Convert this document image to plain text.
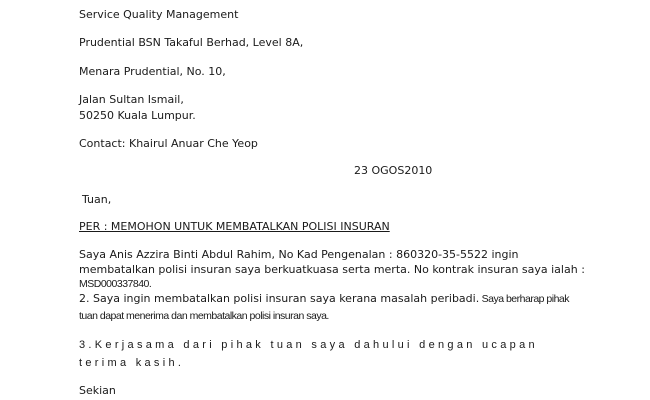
Service Quality Management
Prudential BSN Takaful Berhad, Level 8A,
Menara Prudential, No. 10,
Jalan Sultan Ismail,
50250 Kuala Lumpur.
Contact: Khairul Anuar Che Yeop
23 OGOS2010
Tuan,
PER : MEMOHON UNTUK MEMBATALKAN POLISI INSURAN
Saya Anis Azzira Binti Abdul Rahim, No Kad Pengenalan : 860320-35-5522 ingin
membatalkan polisi insuran saya berkuatkuasa serta merta. No kontrak insuran saya ialah :
MSD000337840.
2. Saya ingin membatalkan polisi insuran saya kerana masalah peribadi. Saya berharap pihak
tuan dapat menerima dan membatalkan polisi insuran saya.
3.Kerjasama dari pihak tuan saya dahului dengan ucapan
terima kasih.
Sekian
